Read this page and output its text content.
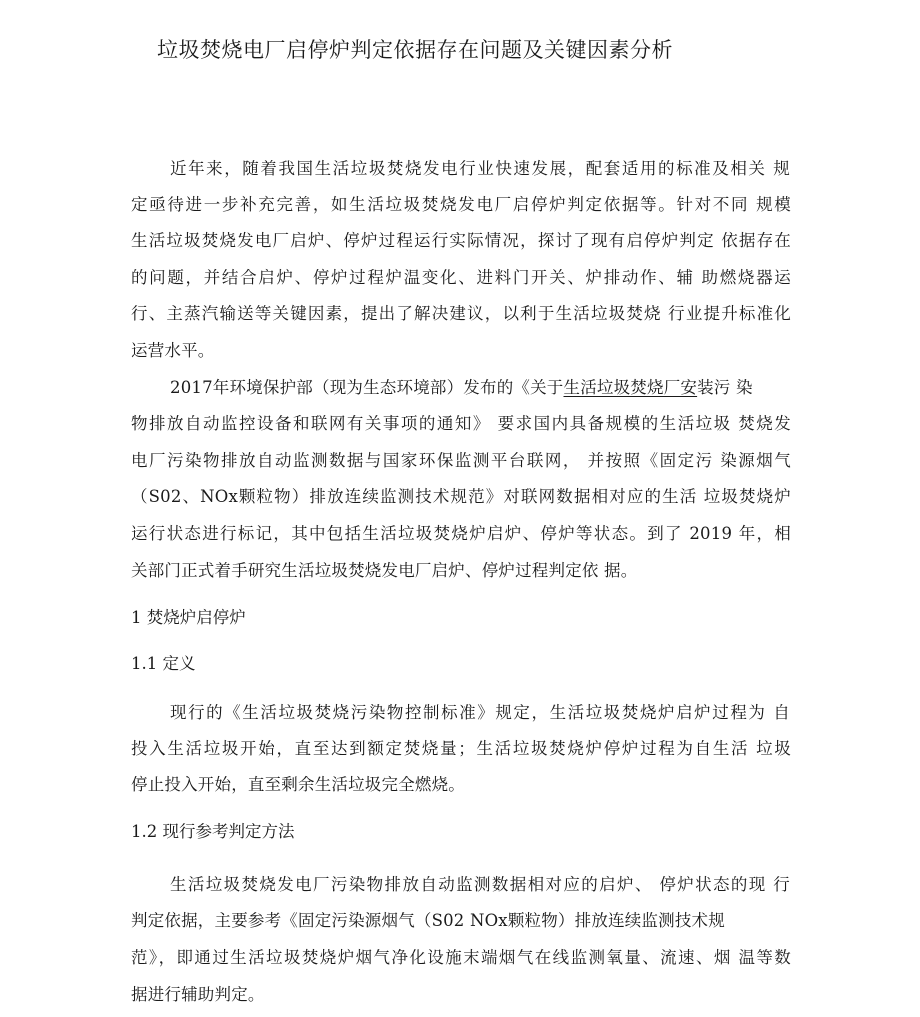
垃圾焚烧电厂启停炉判定依据存在问题及关键因素分析
近年来，随着我国生活垃圾焚烧发电行业快速发展，配套适用的标准及相关 规
定亟待进一步补充完善，如生活垃圾焚烧发电厂启停炉判定依据等。针对不同 规模
生活垃圾焚烧发电厂启炉、停炉过程运行实际情况，探讨了现有启停炉判定 依据存在
的问题，并结合启炉、停炉过程炉温变化、进料门开关、炉排动作、辅 助燃烧器运
行、主蒸汽输送等关键因素，提出了解决建议，以利于生活垃圾焚烧 行业提升标准化
运营水平。
2017年环境保护部（现为生态环境部）发布的《关于生活垃圾焚烧厂安装污 染
物排放自动监控设备和联网有关事项的通知》 要求国内具备规模的生活垃圾 焚烧发
电厂污染物排放自动监测数据与国家环保监测平台联网， 并按照《固定污 染源烟气
（S02、NOx颗粒物）排放连续监测技术规范》对联网数据相对应的生活 垃圾焚烧炉
运行状态进行标记，其中包括生活垃圾焚烧炉启炉、停炉等状态。到了 2019 年，相
关部门正式着手研究生活垃圾焚烧发电厂启炉、停炉过程判定依 据。
1 焚烧炉启停炉
1.1 定义
现行的《生活垃圾焚烧污染物控制标准》规定，生活垃圾焚烧炉启炉过程为 自
投入生活垃圾开始，直至达到额定焚烧量；生活垃圾焚烧炉停炉过程为自生活 垃圾
停止投入开始，直至剩余生活垃圾完全燃烧。
1.2 现行参考判定方法
生活垃圾焚烧发电厂污染物排放自动监测数据相对应的启炉、 停炉状态的现 行
判定依据，主要参考《固定污染源烟气（S02 NOx颗粒物）排放连续监测技术规
范》，即通过生活垃圾焚烧炉烟气净化设施末端烟气在线监测氧量、流速、烟 温等数
据进行辅助判定。
